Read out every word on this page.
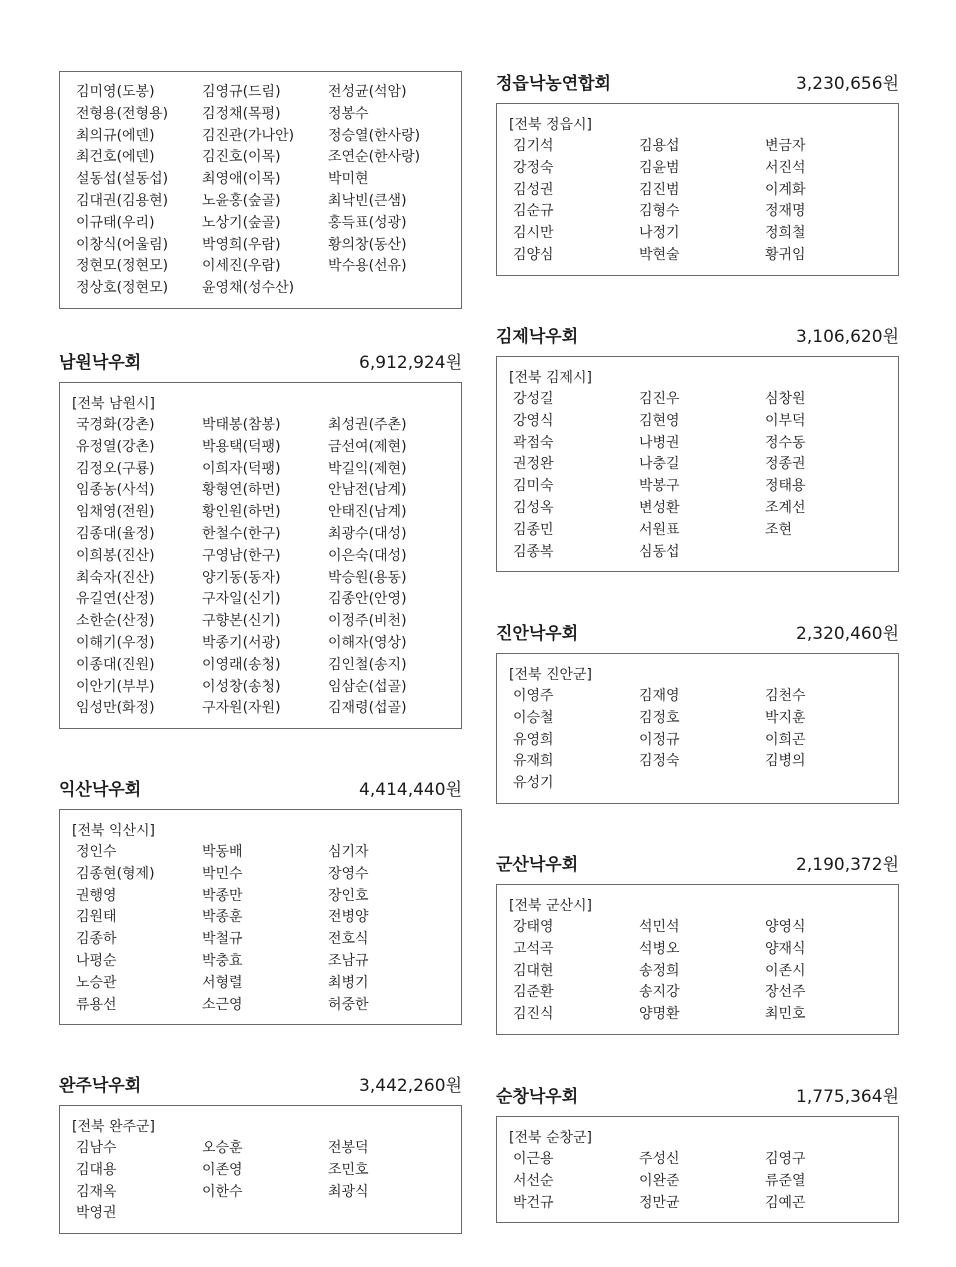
김미영(도봉)	김영규(드림)	전성균(석암)
전형용(전형용)	김정채(목평)	정봉수
최의규(에덴)	김진관(가나안)	정승열(한사랑)
최건호(에덴)	김진호(이목)	조연순(한사랑)
설동섭(설동섭)	최영애(이목)	박미현
김대권(김용현)	노윤홍(숲골)	최낙빈(큰샘)
이규태(우리)	노상기(숲골)	홍득표(성광)
이창식(어울림)	박영희(우람)	황의창(동산)
정현모(정현모)	이세진(우람)	박수용(선유)
정상호(정현모)	윤영채(성수산)
남원낙우회	6,912,924원
[전북 남원시]
국경화(강촌)	박태봉(참봉)	최성권(주촌)
유정열(강촌)	박용택(덕팽)	금선여(제현)
김정오(구룡)	이희자(덕팽)	박길익(제현)
임종농(사석)	황형연(하먼)	안남전(남계)
임채영(전원)	황인원(하먼)	안태진(남계)
김종대(율정)	한철수(한구)	최광수(대성)
이희봉(진산)	구영남(한구)	이은숙(대성)
최숙자(진산)	양기동(동자)	박승원(용동)
유길연(산정)	구자일(신기)	김종안(안영)
소한순(산정)	구향본(신기)	이정주(비천)
이해기(우정)	박종기(서광)	이해자(영상)
이종대(진원)	이영래(송청)	김인철(송지)
이안기(부부)	이성창(송청)	임삼순(섭골)
임성만(화정)	구자원(자원)	김재령(섭골)
익산낙우회	4,414,440원
[전북 익산시]
정인수	박동배	심기자
김종현(형제)	박민수	장영수
권행영	박종만	장인호
김원태	박종훈	전병양
김종하	박철규	전호식
나평순	박충효	조남규
노승관	서형렬	최병기
류용선	소근영	허중한
완주낙우회	3,442,260원
[전북 완주군]
김남수	오승훈	전봉덕
김대용	이존영	조민호
김재옥	이한수	최광식
박영권
정읍낙농연합회	3,230,656원
[전북 정읍시]
김기석	김용섭	변금자
강정숙	김윤범	서진석
김성권	김진범	이계화
김순규	김형수	정재명
김시만	나정기	정희철
김양심	박현술	황귀임
김제낙우회	3,106,620원
[전북 김제시]
강성길	김진우	심창원
강영식	김현영	이부덕
곽점숙	나병권	정수동
권정완	나충길	정종권
김미숙	박봉구	정태용
김성옥	변성환	조계선
김종민	서원표	조현
김종복	심동섭
진안낙우회	2,320,460원
[전북 진안군]
이영주	김재영	김천수
이승철	김정호	박지훈
유영희	이정규	이희곤
유재희	김정숙	김병의
유성기
군산낙우회	2,190,372원
[전북 군산시]
강태영	석민석	양영식
고석곡	석병오	양재식
김대현	송정희	이존시
김준환	송지강	장선주
김진식	양명환	최민호
순창낙우회	1,775,364원
[전북 순창군]
이근용	주성신	김영구
서선순	이완준	류준열
박건규	정만균	김예곤
